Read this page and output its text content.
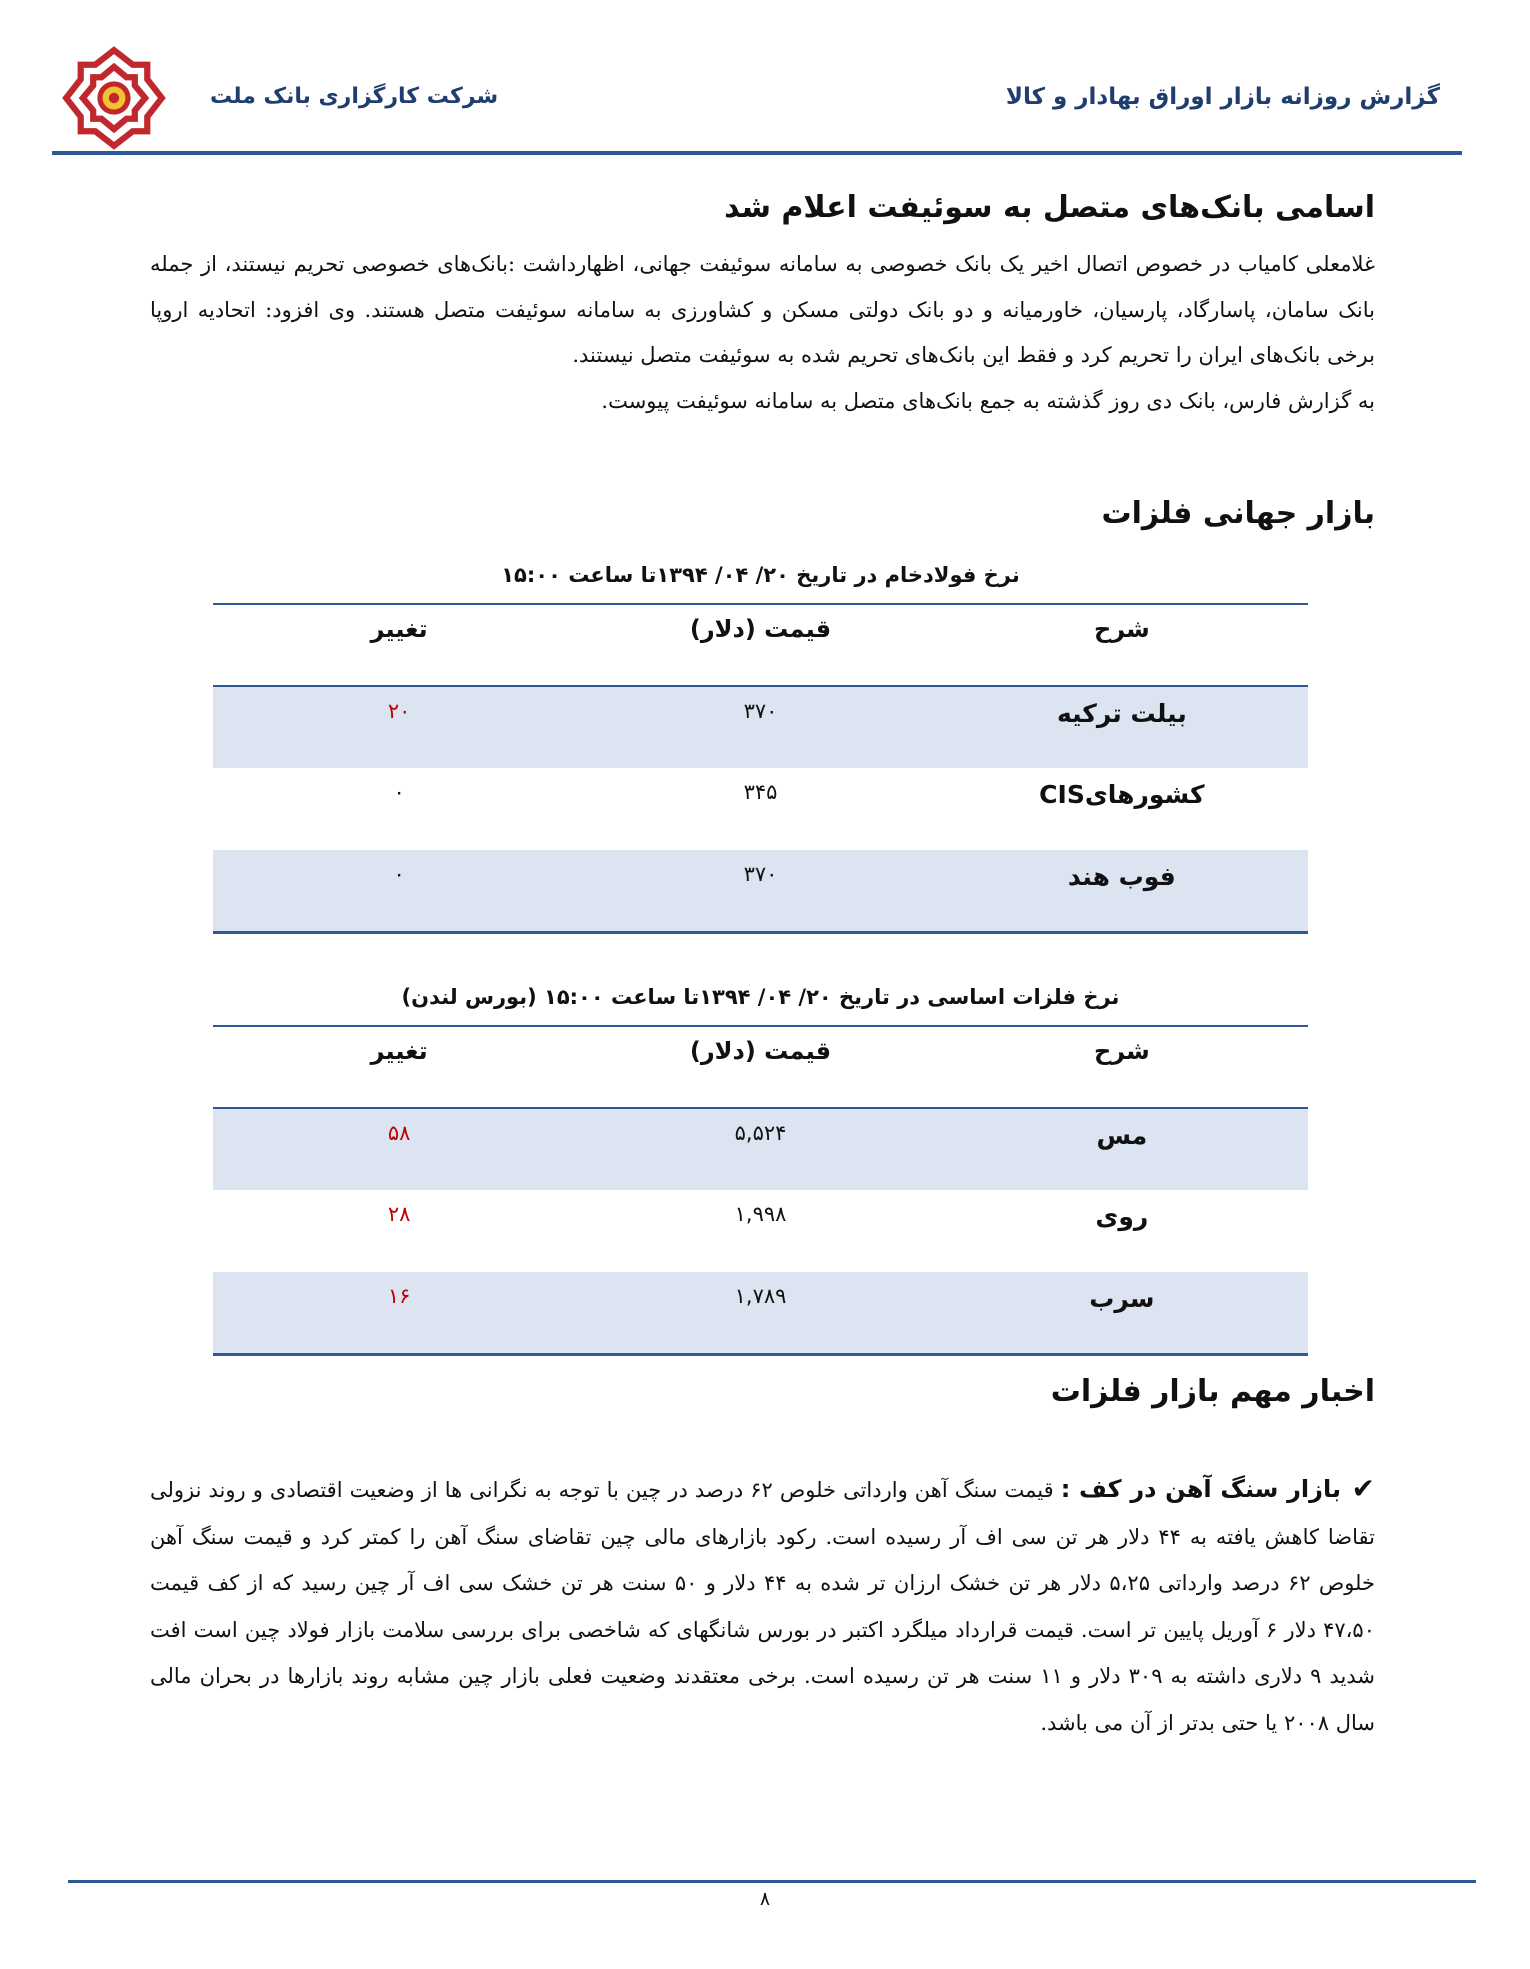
گزارش روزانه بازار اوراق بهادار و کالا
شرکت کارگزاری بانک ملت
اسامی بانک‌های متصل به سوئیفت اعلام شد

غلامعلی کامیاب در خصوص اتصال اخیر یک بانک خصوصی به سامانه سوئیفت جهانی، اظهارداشت :بانک‌های خصوصی تحریم نیستند، از جمله بانک سامان، پاسارگاد، پارسیان، خاورمیانه و دو بانک دولتی مسکن و کشاورزی به سامانه سوئیفت متصل هستند. وی افزود: اتحادیه اروپا برخی بانک‌های ایران را تحریم کرد و فقط این بانک‌های تحریم شده به سوئیفت متصل نیستند.

به گزارش فارس، بانک دی روز گذشته به جمع بانک‌های متصل به سامانه سوئیفت پیوست.

بازار جهانی فلزات
نرخ فولادخام در تاریخ ۲۰/ ۰۴/ ۱۳۹۴تا ساعت ۱۵:۰۰
شرح	قیمت (دلار)	تغییر
بیلت ترکیه	۳۷۰	۲۰
کشورهایCIS	۳۴۵	۰
فوب هند	۳۷۰	۰
نرخ فلزات اساسی در تاریخ ۲۰/ ۰۴/ ۱۳۹۴تا ساعت ۱۵:۰۰ (بورس لندن)
شرح	قیمت (دلار)	تغییر
مس	۵,۵۲۴	۵۸
روی	۱,۹۹۸	۲۸
سرب	۱,۷۸۹	۱۶
اخبار مهم بازار فلزات
✔
بازار سنگ آهن در کف : قیمت سنگ آهن وارداتی خلوص ۶۲ درصد در چین با توجه به نگرانی ها از وضعیت اقتصادی و روند نزولی تقاضا کاهش یافته به ۴۴ دلار هر تن سی اف آر رسیده است. رکود بازارهای مالی چین تقاضای سنگ آهن را کمتر کرد و قیمت سنگ آهن خلوص ۶۲ درصد وارداتی ۵،۲۵ دلار هر تن خشک ارزان تر شده به ۴۴ دلار و ۵۰ سنت هر تن خشک سی اف آر چین رسید که از کف قیمت ۴۷،۵۰ دلار ۶ آوریل پایین تر است. قیمت قرارداد میلگرد اکتبر در بورس شانگهای که شاخصی برای بررسی سلامت بازار فولاد چین است افت شدید ۹ دلاری داشته به ۳۰۹ دلار و ۱۱ سنت هر تن رسیده است. برخی معتقدند وضعیت فعلی بازار چین مشابه روند بازارها در بحران مالی سال ۲۰۰۸ یا حتی بدتر از آن می باشد.
۸
